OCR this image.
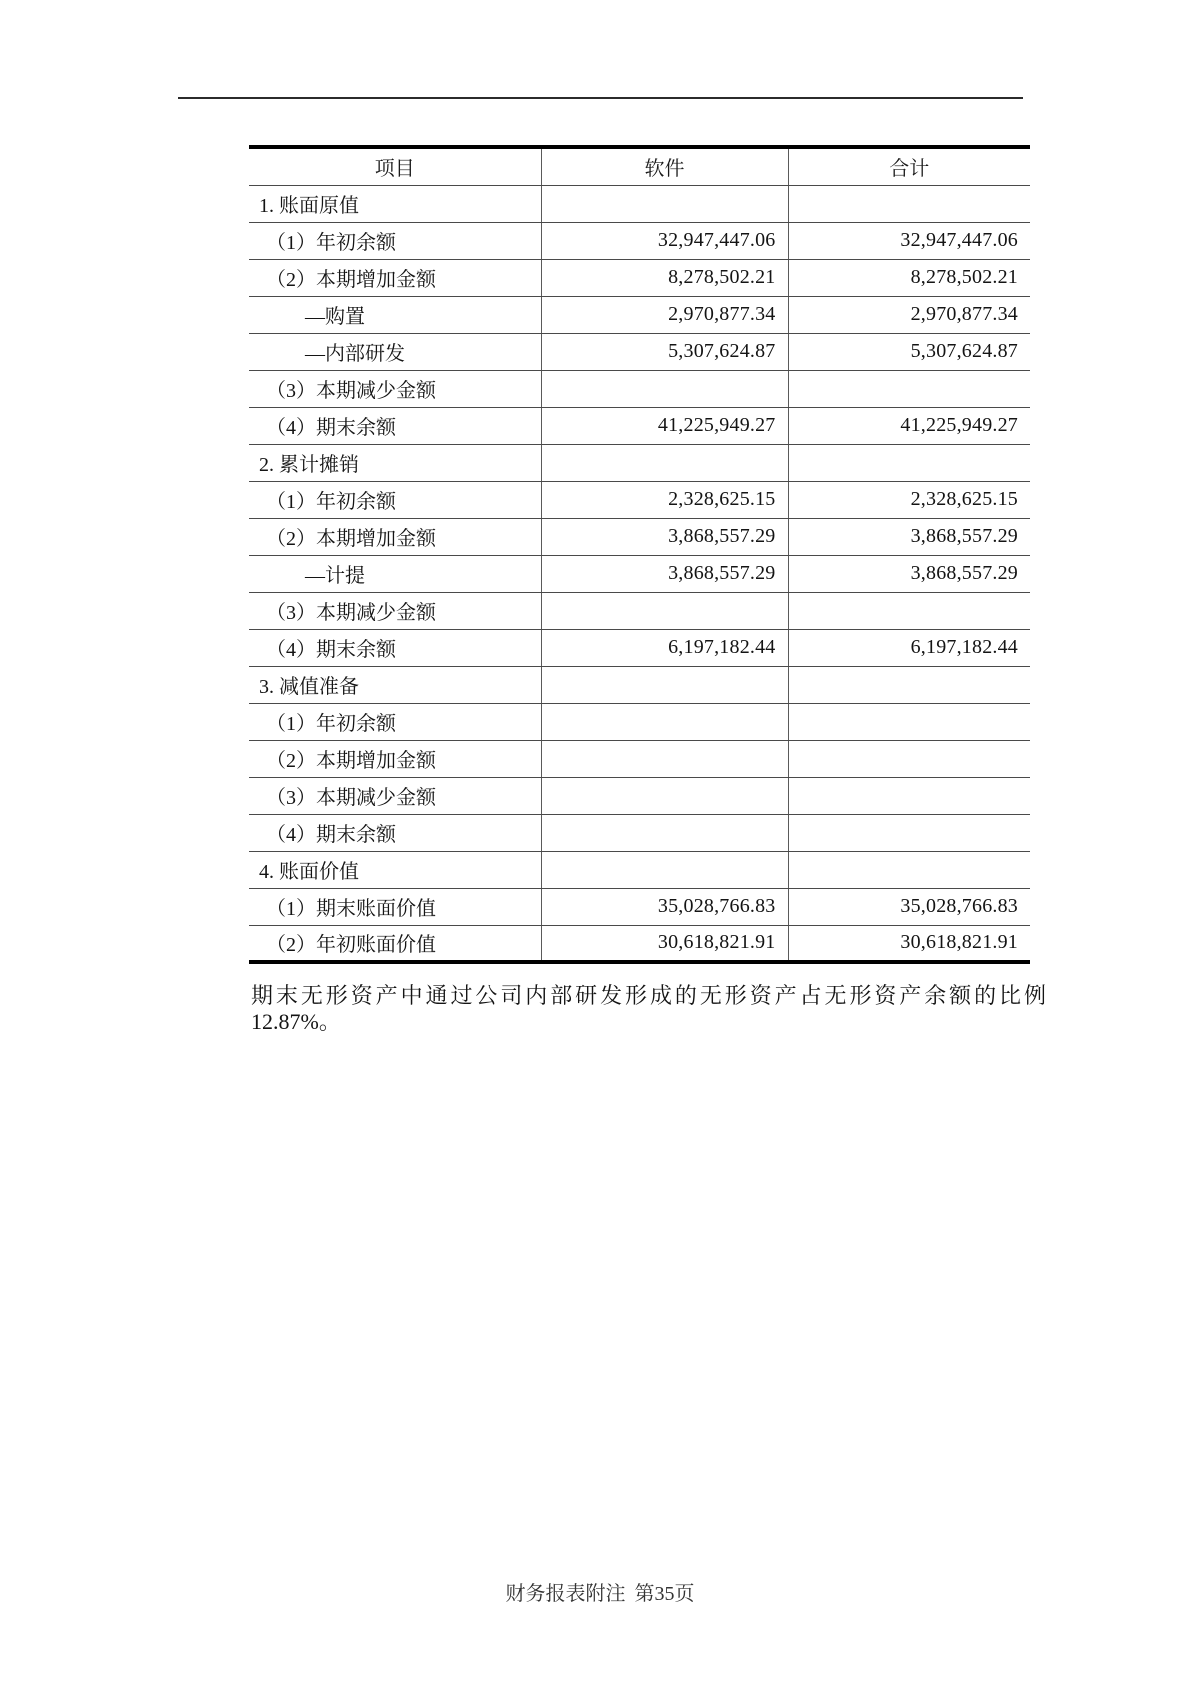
项目	软件	合计
1. 账面原值		
（1）年初余额	32,947,447.06	32,947,447.06
（2）本期增加金额	8,278,502.21	8,278,502.21
—购置	2,970,877.34	2,970,877.34
—内部研发	5,307,624.87	5,307,624.87
（3）本期减少金额		
（4）期末余额	41,225,949.27	41,225,949.27
2. 累计摊销		
（1）年初余额	2,328,625.15	2,328,625.15
（2）本期增加金额	3,868,557.29	3,868,557.29
—计提	3,868,557.29	3,868,557.29
（3）本期减少金额		
（4）期末余额	6,197,182.44	6,197,182.44
3. 减值准备		
（1）年初余额		
（2）本期增加金额		
（3）本期减少金额		
（4）期末余额		
4. 账面价值		
（1）期末账面价值	35,028,766.83	35,028,766.83
（2）年初账面价值	30,618,821.91	30,618,821.91

期末无形资产中通过公司内部研发形成的无形资产占无形资产余额的比例 12.87%。

财务报表附注 第35页
